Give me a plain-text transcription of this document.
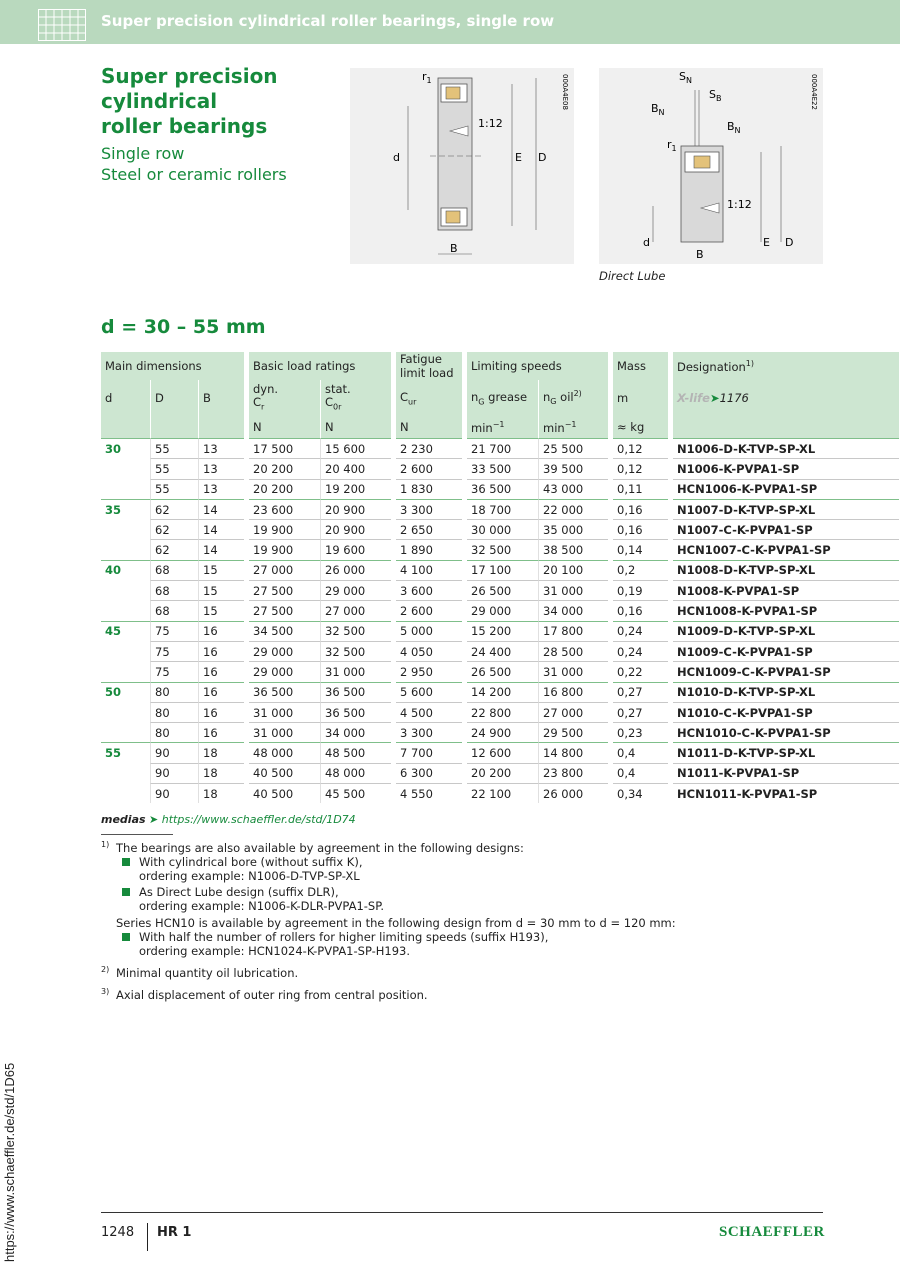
Super precision cylindrical roller bearings, single row
Super precision
cylindrical
roller bearings
Single row
Steel or ceramic rollers
$r_1$
1:12
d	E D
B
000A4E08	$S_N$
$S_B$
$B_N$
$B_N$
$r_1$
1:12
d	E D
B
000A4E22
Direct Lube
d = 30 – 55 mm
Main dimensions				Basic load ratings			Fatigue limit load		Limiting speeds			Mass		Designation$^{1)}$
d	D	B		dyn.
$C_r$	stat.
$C_{0r}$		$C_{ur}$		$n_G$ grease	$n_G$ oil$^{2)}$		m		X-life➤1176
				N	N		N		$\min^{-1}$	$\min^{-1}$		≈ kg		
30	55	13		17 500	15 600		2 230		21 700	25 500		0,12		N1006-D-K-TVP-SP-XL
	55	13		20 200	20 400		2 600		33 500	39 500		0,12		N1006-K-PVPA1-SP
	55	13		20 200	19 200		1 830		36 500	43 000		0,11		HCN1006-K-PVPA1-SP
35	62	14		23 600	20 900		3 300		18 700	22 000		0,16		N1007-D-K-TVP-SP-XL
	62	14		19 900	20 900		2 650		30 000	35 000		0,16		N1007-C-K-PVPA1-SP
	62	14		19 900	19 600		1 890		32 500	38 500		0,14		HCN1007-C-K-PVPA1-SP
40	68	15		27 000	26 000		4 100		17 100	20 100		0,2		N1008-D-K-TVP-SP-XL
	68	15		27 500	29 000		3 600		26 500	31 000		0,19		N1008-K-PVPA1-SP
	68	15		27 500	27 000		2 600		29 000	34 000		0,16		HCN1008-K-PVPA1-SP
45	75	16		34 500	32 500		5 000		15 200	17 800		0,24		N1009-D-K-TVP-SP-XL
	75	16		29 000	32 500		4 050		24 400	28 500		0,24		N1009-C-K-PVPA1-SP
	75	16		29 000	31 000		2 950		26 500	31 000		0,22		HCN1009-C-K-PVPA1-SP
50	80	16		36 500	36 500		5 600		14 200	16 800		0,27		N1010-D-K-TVP-SP-XL
	80	16		31 000	36 500		4 500		22 800	27 000		0,27		N1010-C-K-PVPA1-SP
	80	16		31 000	34 000		3 300		24 900	29 500		0,23		HCN1010-C-K-PVPA1-SP
55	90	18		48 000	48 500		7 700		12 600	14 800		0,4		N1011-D-K-TVP-SP-XL
	90	18		40 500	48 000		6 300		20 200	23 800		0,4		N1011-K-PVPA1-SP
	90	18		40 500	45 500		4 550		22 100	26 000		0,34		HCN1011-K-PVPA1-SP
medias ➤ https://www.schaeffler.de/std/1D74
1) The bearings are also available by agreement in the following designs:
With cylindrical bore (without suffix K),
ordering example: N1006-D-TVP-SP-XL
As Direct Lube design (suffix DLR),
ordering example: N1006-K-DLR-PVPA1-SP.
Series HCN10 is available by agreement in the following design from d = 30 mm to d = 120 mm:
With half the number of rollers for higher limiting speeds (suffix H193),
ordering example: HCN1024-K-PVPA1-SP-H193.
2) Minimal quantity oil lubrication.
3) Axial displacement of outer ring from central position.
https://www.schaeffler.de/std/1D65	1248 HR 1	SCHAEFFLER
